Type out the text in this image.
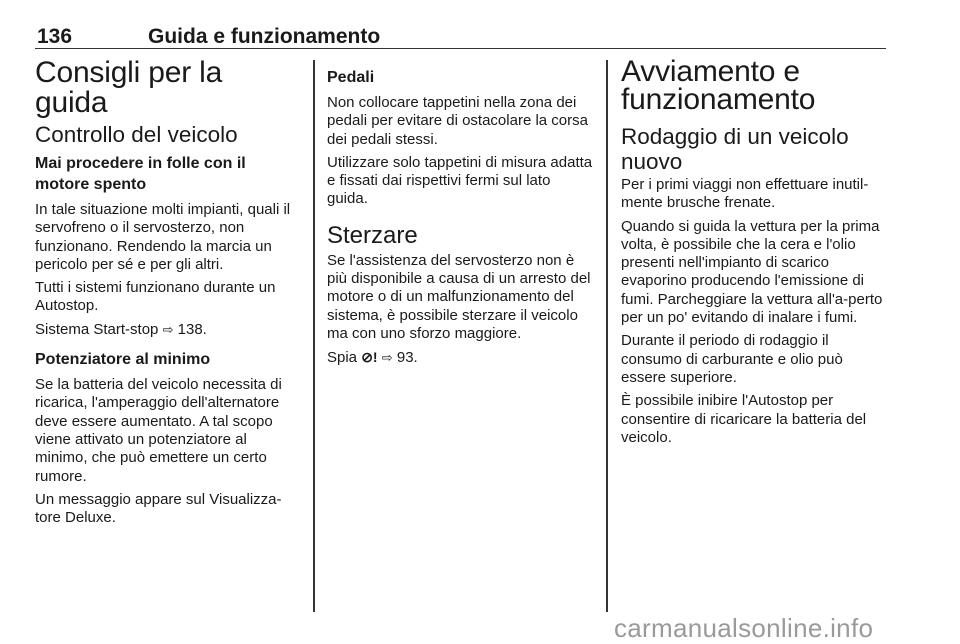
136	Guida e funzionamento
Consigli per la guida
Controllo del veicolo
Mai procedere in folle con il motore spento

In tale situazione molti impianti, quali il servofreno o il servosterzo, non funzionano. Rendendo la marcia un pericolo per sé e per gli altri.

Tutti i sistemi funzionano durante un Autostop.

Sistema Start-stop ⇨ 138.

Potenziatore al minimo

Se la batteria del veicolo necessita di ricarica, l'amperaggio dell'alternatore deve essere aumentato. A tal scopo viene attivato un potenziatore al minimo, che può emettere un certo rumore.

Un messaggio appare sul Visualizza-tore Deluxe.

Pedali

Non collocare tappetini nella zona dei pedali per evitare di ostacolare la corsa dei pedali stessi.

Utilizzare solo tappetini di misura adatta e fissati dai rispettivi fermi sul lato guida.

Sterzare

Se l'assistenza del servosterzo non è più disponibile a causa di un arresto del motore o di un malfunzionamento del sistema, è possibile sterzare il veicolo ma con uno sforzo maggiore.

Spia ⊘! ⇨ 93.

Avviamento e funzionamento
Rodaggio di un veicolo nuovo

Per i primi viaggi non effettuare inutil-mente brusche frenate.

Quando si guida la vettura per la prima volta, è possibile che la cera e l'olio presenti nell'impianto di scarico evaporino producendo l'emissione di fumi. Parcheggiare la vettura all'a-perto per un po' evitando di inalare i fumi.

Durante il periodo di rodaggio il consumo di carburante e olio può essere superiore.

È possibile inibire l'Autostop per consentire di ricaricare la batteria del veicolo.

carmanualsonline.info
